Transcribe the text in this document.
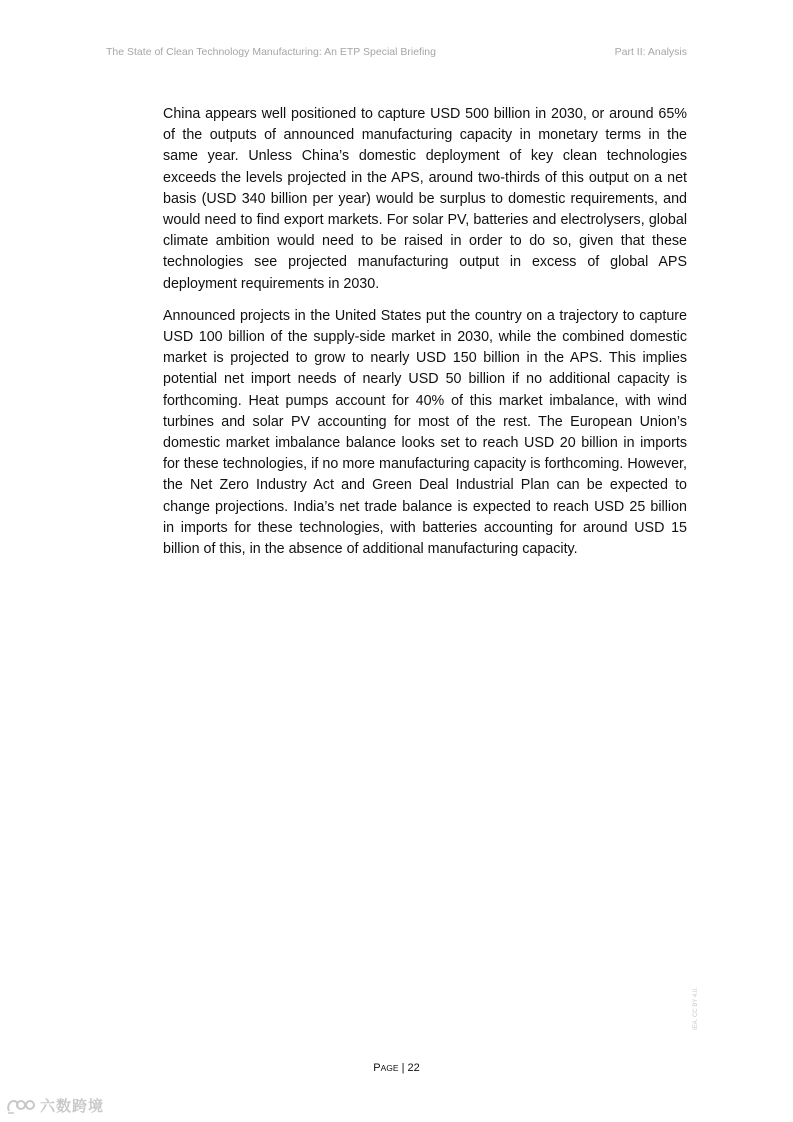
The State of Clean Technology Manufacturing: An ETP Special Briefing	Part II: Analysis

China appears well positioned to capture USD 500 billion in 2030, or around 65% of the outputs of announced manufacturing capacity in monetary terms in the same year. Unless China’s domestic deployment of key clean technologies exceeds the levels projected in the APS, around two-thirds of this output on a net basis (USD 340 billion per year) would be surplus to domestic requirements, and would need to find export markets. For solar PV, batteries and electrolysers, global climate ambition would need to be raised in order to do so, given that these technologies see projected manufacturing output in excess of global APS deployment requirements in 2030.

Announced projects in the United States put the country on a trajectory to capture USD 100 billion of the supply-side market in 2030, while the combined domestic market is projected to grow to nearly USD 150 billion in the APS. This implies potential net import needs of nearly USD 50 billion if no additional capacity is forthcoming. Heat pumps account for 40% of this market imbalance, with wind turbines and solar PV accounting for most of the rest. The European Union’s domestic market imbalance balance looks set to reach USD 20 billion in imports for these technologies, if no more manufacturing capacity is forthcoming. However, the Net Zero Industry Act and Green Deal Industrial Plan can be expected to change projections. India’s net trade balance is expected to reach USD 25 billion in imports for these technologies, with batteries accounting for around USD 15 billion of this, in the absence of additional manufacturing capacity.

PAGE | 22
IEA. CC BY 4.0.
六数跨境
